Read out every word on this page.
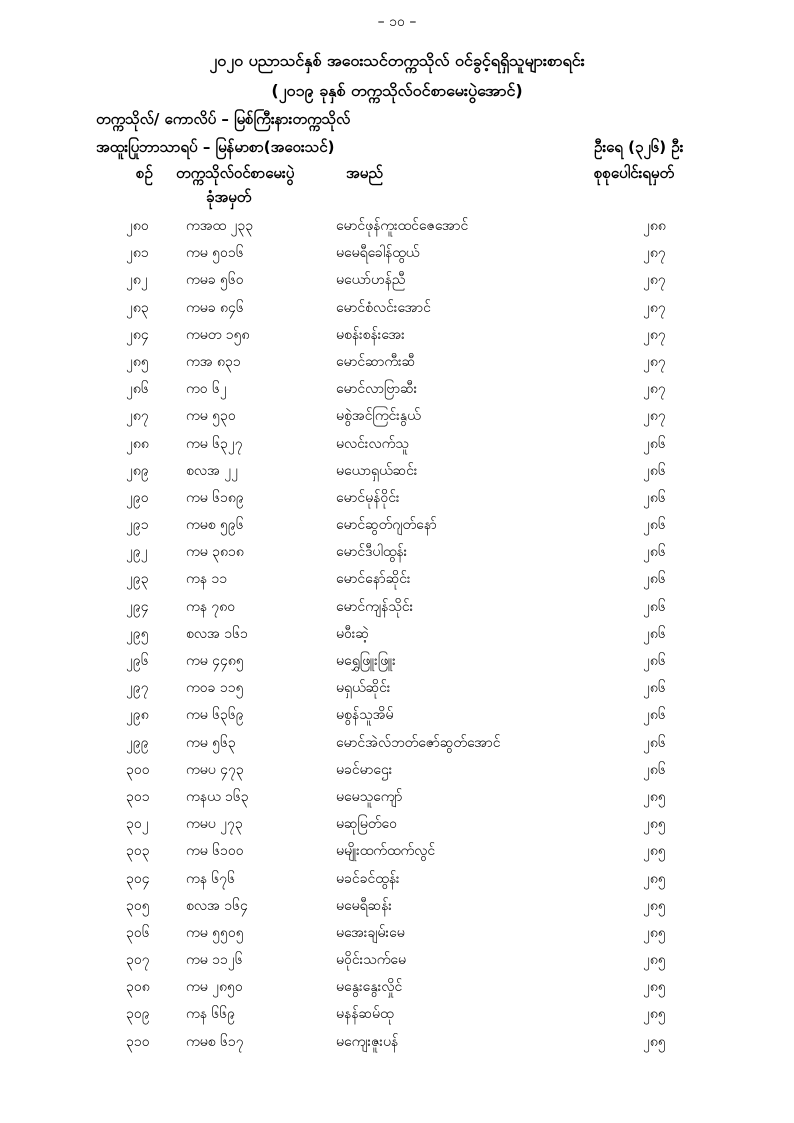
– ၁၀ –
၂၀၂၀ ပညာသင်နှစ် အဝေးသင်တက္ကသိုလ် ဝင်ခွင့်ရရှိသူများစာရင်း
(၂၀၁၉ ခုနှစ် တက္ကသိုလ်ဝင်စာမေးပွဲအောင်)
တက္ကသိုလ်/ ကောလိပ် – မြစ်ကြီးနားတက္ကသိုလ်
အထူးပြုဘာသာရပ် – မြန်မာစာ(အဝေးသင်)	ဦးရေ (၃၂၆) ဦး
စဉ် တက္ကသိုလ်ဝင်စာမေးပွဲ
ခုံအမှတ်
အမည်	စုစုပေါင်းရမှတ်
၂၈၀	ကအထ ၂၃၃	မောင်ဖုန်ကူးထင်ဇေအောင်	၂၈၈
၂၈၁	ကမ ၅၀၁၆	မမေရီခေါန်ထွယ်	၂၈၇
၂၈၂	ကမခ ၅၆၀	မယော်ဟန်ညီ	၂၈၇
၂၈၃	ကမခ ၈၄၆	မောင်စံလင်းအောင်	၂၈၇
၂၈၄	ကမတ ၁၅၈	မစန်းစန်းအေး	၂၈၇
၂၈၅	ကအ ၈၃၁	မောင်ဆာကီးဆီ	၂၈၇
၂၈၆	ကဝ ၆၂	မောင်လာဗြာဆီး	၂၈၇
၂၈၇	ကမ ၅၃၀	မစွဲအင်ကြင်းနွယ်	၂၈၇
၂၈၈	ကမ ၆၃၂၇	မလင်းလက်သူ	၂၈၆
၂၈၉	စလအ ၂၂	မယောရှယ်ဆင်း	၂၈၆
၂၉၀	ကမ ၆၁၈၉	မောင်မုန်ဝိုင်း	၂၈၆
၂၉၁	ကမစ ၅၉၆	မောင်ဆွတ်ဂျတ်နော်	၂၈၆
၂၉၂	ကမ ၃၈၁၈	မောင်ဒီပါထွန်း	၂၈၆
၂၉၃	ကန ၁၁	မောင်နော်ဆိုင်း	၂၈၆
၂၉၄	ကန ၇၈၀	မောင်ကျန်သိုင်း	၂၈၆
၂၉၅	စလအ ၁၆၁	မဝီးဆဲ့	၂၈၆
၂၉၆	ကမ ၄၄၈၅	မရွှေဖြူးဖြူး	၂၈၆
၂၉၇	ကဝခ ၁၁၅	မရှယ်ဆိုင်း	၂၈၆
၂၉၈	ကမ ၆၃၆၉	မစွန်သူအိမ်	၂၈၆
၂၉၉	ကမ ၅၆၃	မောင်အဲလ်ဘတ်ဇော်ဆွတ်အောင်	၂၈၆
၃၀၀	ကမပ ၄၇၃	မခင်မာဌေး	၂၈၆
၃၀၁	ကနယ ၁၆၃	မမေသူကျော်	၂၈၅
၃၀၂	ကမပ ၂၇၃	မဆုမြတ်ဝေ	၂၈၅
၃၀၃	ကမ ၆၁၀၀	မမျိုးထက်ထက်လွင်	၂၈၅
၃၀၄	ကန ၆၇၆	မခင်ခင်ထွန်း	၂၈၅
၃၀၅	စလအ ၁၆၄	မမေရီဆန်း	၂၈၅
၃၀၆	ကမ ၅၅၀၅	မအေးချမ်းမေ	၂၈၅
၃၀၇	ကမ ၁၁၂၆	မဝိုင်းသက်မေ	၂၈၅
၃၀၈	ကမ ၂၈၅၀	မနွေးနွေးလှိုင်	၂၈၅
၃၀၉	ကန ၆၆၉	မနန်ဆမ်ထု	၂၈၅
၃၁၀	ကမစ ၆၁၇	မကျေးဇူးပန်	၂၈၅
